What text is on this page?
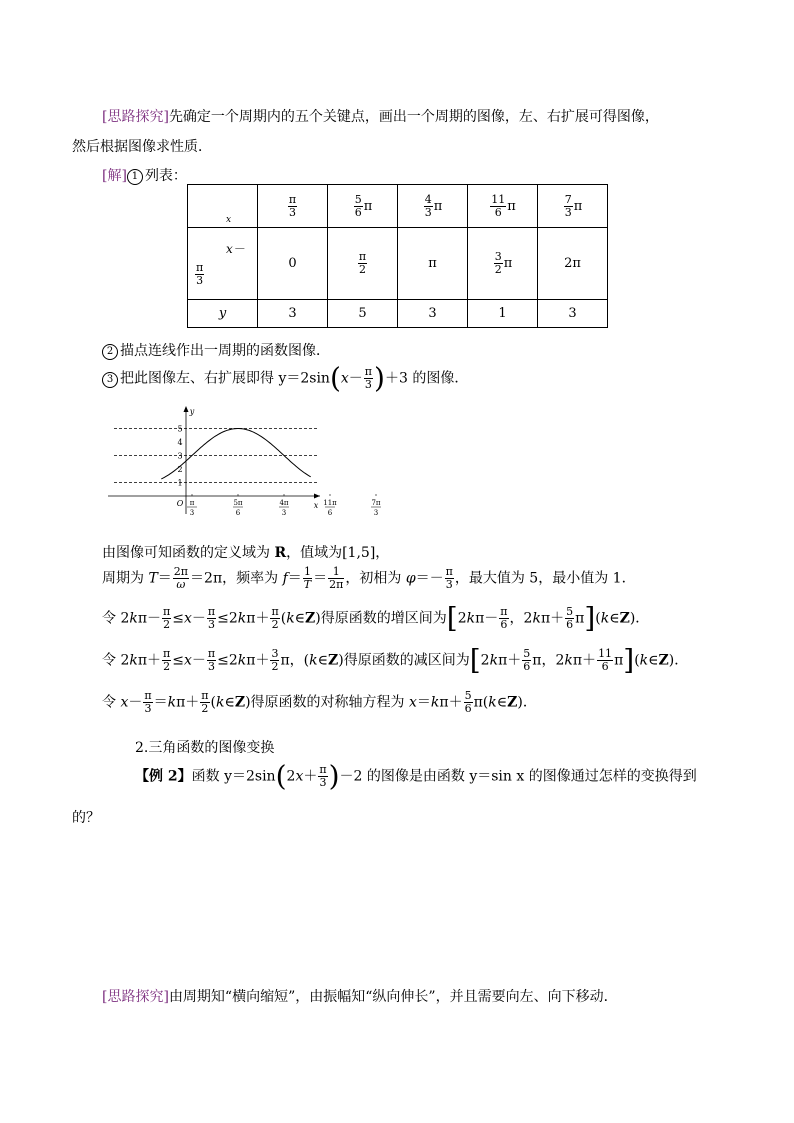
[思路探究]先确定一个周期内的五个关键点，画出一个周期的图像，左、右扩展可得图像，
然后根据图像求性质．
[解] 1 列表：
x	$\frac{\pi}{3}$	$\frac{5}{6}$ π	$\frac{4}{3}$ π	$\frac{11}{6}$ π	$\frac{7}{3}$ π

x－
$\frac{\pi}{3}$	0	$\frac{\pi}{2}$	π	$\frac{3}{2}$ π	2π
y	3	5	3	1	3
2 描点连线作出一周期的函数图像．
3 把此图像左、右扩展即得 $y=2\sin(x- \frac{\pi}{3} )+3$ 的图像．
y
x
O
1
2
3
4
5
π
3
5π
6
4π
3
11π
6
7π
3
由图像可知函数的定义域为 R，值域为[1,5]，
周期为 $T= \frac{2\pi}{\omega} =2\pi$，频率为 $f= \frac{1}{T} = \frac{1}{2\pi}$ ，初相为 $\varphi=- \frac{\pi}{3}$ ，最大值为 5，最小值为 1．
令 $2k\pi- \frac{\pi}{2} \le x- \frac{\pi}{3} \le 2k\pi+ \frac{\pi}{2}$ (k∈Z)得原函数的增区间为[$2k\pi- \frac{\pi}{6}$ ，$2k\pi+ \frac{5}{6}$ π](k∈Z)．
令 $2k\pi+ \frac{\pi}{2} \le x- \frac{\pi}{3} \le 2k\pi+ \frac{3}{2}$ π，(k∈Z)得原函数的减区间为[$2k\pi+ \frac{5}{6}$ π，$2k\pi+ \frac{11}{6}$ π](k∈Z)．
令 $x- \frac{\pi}{3} =k\pi+ \frac{\pi}{2}$ (k∈Z)得原函数的对称轴方程为 $x=k\pi+ \frac{5}{6}$ π(k∈Z)．
2.三角函数的图像变换
【例 2】函数 $y=2\sin(2x+ \frac{\pi}{3} )-2$ 的图像是由函数 y＝sin x 的图像通过怎样的变换得到
的？
[思路探究]由周期知“横向缩短”，由振幅知“纵向伸长”，并且需要向左、向下移动．
